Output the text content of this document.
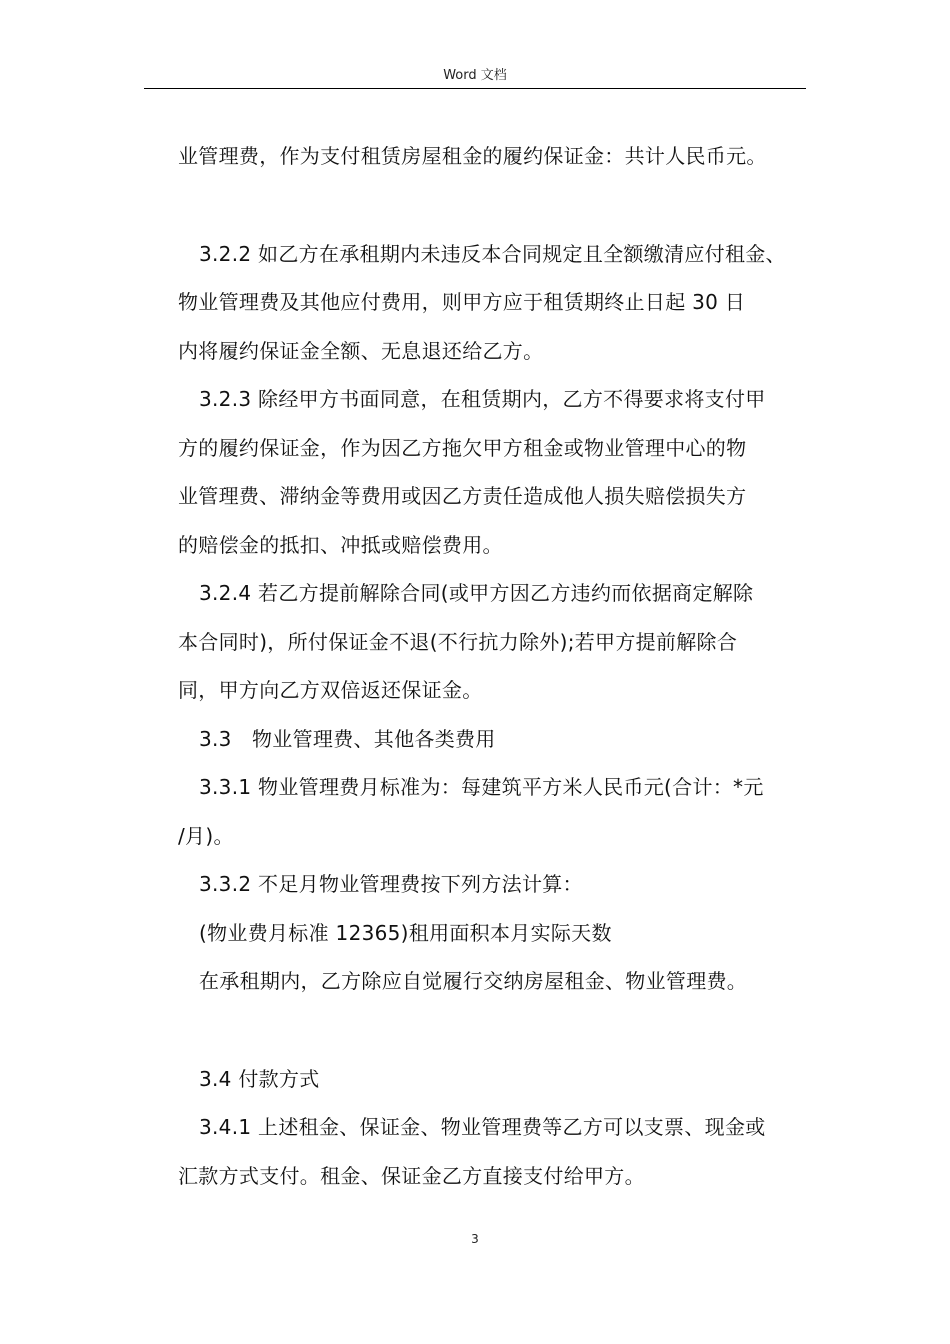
Word 文档
业管理费，作为支付租赁房屋租金的履约保证金：共计人民币元。
3.2.2 如乙方在承租期内未违反本合同规定且全额缴清应付租金、
物业管理费及其他应付费用，则甲方应于租赁期终止日起 30 日
内将履约保证金全额、无息退还给乙方。
3.2.3 除经甲方书面同意，在租赁期内，乙方不得要求将支付甲
方的履约保证金，作为因乙方拖欠甲方租金或物业管理中心的物
业管理费、滞纳金等费用或因乙方责任造成他人损失赔偿损失方
的赔偿金的抵扣、冲抵或赔偿费用。
3.2.4 若乙方提前解除合同(或甲方因乙方违约而依据商定解除
本合同时)，所付保证金不退(不行抗力除外);若甲方提前解除合
同，甲方向乙方双倍返还保证金。
3.3　物业管理费、其他各类费用
3.3.1 物业管理费月标准为：每建筑平方米人民币元(合计：*元
/月)。
3.3.2 不足月物业管理费按下列方法计算：
(物业费月标准 12365)租用面积本月实际天数
在承租期内，乙方除应自觉履行交纳房屋租金、物业管理费。
3.4 付款方式
3.4.1 上述租金、保证金、物业管理费等乙方可以支票、现金或
汇款方式支付。租金、保证金乙方直接支付给甲方。
3
